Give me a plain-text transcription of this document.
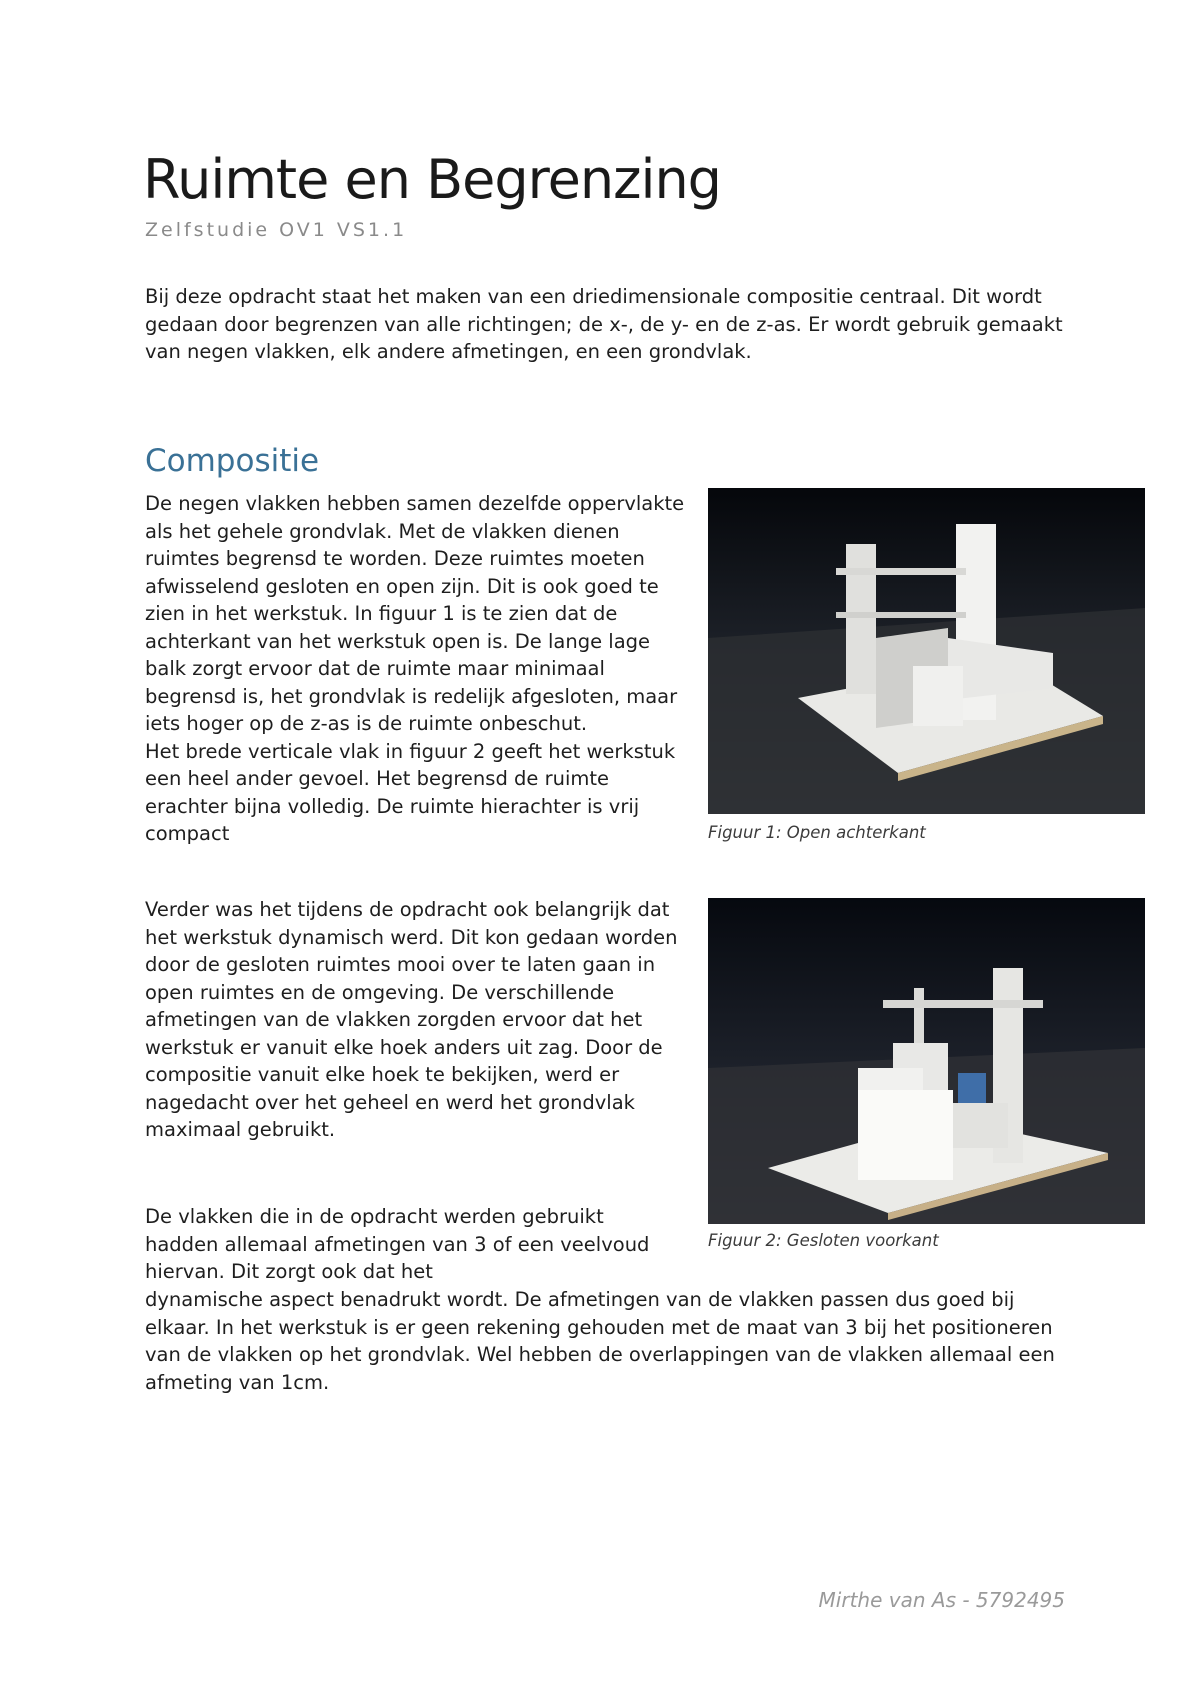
Ruimte en Begrenzing

Zelfstudie OV1 VS1.1

Bij deze opdracht staat het maken van een driedimensionale compositie centraal. Dit wordt gedaan door begrenzen van alle richtingen; de x-, de y- en de z-as. Er wordt gebruik gemaakt van negen vlakken, elk andere afmetingen, en een grondvlak.

Compositie

De negen vlakken hebben samen dezelfde oppervlakte als het gehele grondvlak. Met de vlakken dienen ruimtes begrensd te worden. Deze ruimtes moeten afwisselend gesloten en open zijn. Dit is ook goed te zien in het werkstuk. In figuur 1 is te zien dat de achterkant van het werkstuk open is. De lange lage balk zorgt ervoor dat de ruimte maar minimaal begrensd is, het grondvlak is redelijk afgesloten, maar iets hoger op de z-as is de ruimte onbeschut.

Het brede verticale vlak in figuur 2 geeft het werkstuk een heel ander gevoel. Het begrensd de ruimte erachter bijna volledig. De ruimte hierachter is vrij compact	Figuur 1: Open achterkant

Verder was het tijdens de opdracht ook belangrijk dat het werkstuk dynamisch werd. Dit kon gedaan worden door de gesloten ruimtes mooi over te laten gaan in open ruimtes en de omgeving. De verschillende afmetingen van de vlakken zorgden ervoor dat het werkstuk er vanuit elke hoek anders uit zag. Door de compositie vanuit elke hoek te bekijken, werd er nagedacht over het geheel en werd het grondvlak maximaal gebruikt.

Figuur 2: Gesloten voorkant

De vlakken die in de opdracht werden gebruikt hadden allemaal afmetingen van 3 of een veelvoud hiervan. Dit zorgt ook dat het

dynamische aspect benadrukt wordt. De afmetingen van de vlakken passen dus goed bij elkaar. In het werkstuk is er geen rekening gehouden met de maat van 3 bij het positioneren van de vlakken op het grondvlak. Wel hebben de overlappingen van de vlakken allemaal een afmeting van 1cm.

Mirthe van As - 5792495
